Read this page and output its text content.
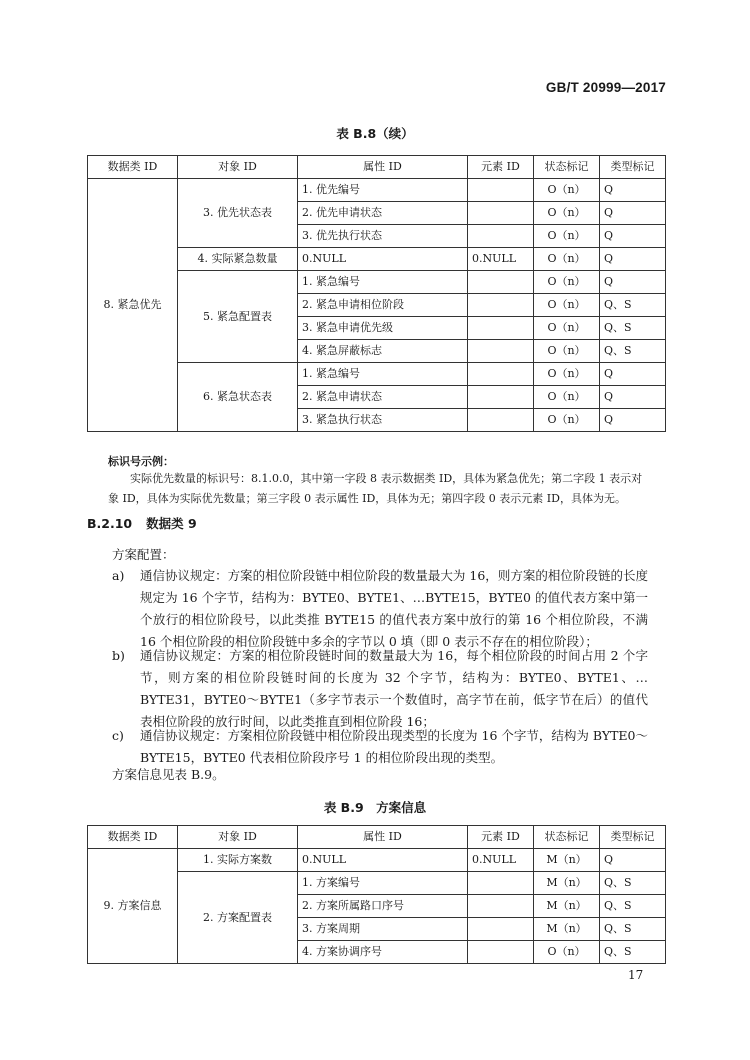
GB/T 20999—2017
表 B.8（续）
数据类 ID	对象 ID	属性 ID	元素 ID	状态标记	类型标记
8. 紧急优先	3. 优先状态表	1. 优先编号		O（n）	Q
		2. 优先申请状态		O（n）	Q
		3. 优先执行状态		O（n）	Q
	4. 实际紧急数量	0.NULL	0.NULL	O（n）	Q
	5. 紧急配置表	1. 紧急编号		O（n）	Q
		2. 紧急申请相位阶段		O（n）	Q、S
		3. 紧急申请优先级		O（n）	Q、S
		4. 紧急屏蔽标志		O（n）	Q、S
	6. 紧急状态表	1. 紧急编号		O（n）	Q
		2. 紧急申请状态		O（n）	Q
		3. 紧急执行状态		O（n）	Q
标识号示例：
实际优先数量的标识号：8.1.0.0，其中第一字段 8 表示数据类 ID，具体为紧急优先；第二字段 1 表示对象 ID，具体为实际优先数量；第三字段 0 表示属性 ID，具体为无；第四字段 0 表示元素 ID，具体为无。
B.2.10 数据类 9
方案配置：
a) 通信协议规定：方案的相位阶段链中相位阶段的数量最大为 16，则方案的相位阶段链的长度规定为 16 个字节，结构为：BYTE0、BYTE1、…BYTE15，BYTE0 的值代表方案中第一个放行的相位阶段号，以此类推 BYTE15 的值代表方案中放行的第 16 个相位阶段，不满 16 个相位阶段的相位阶段链中多余的字节以 0 填（即 0 表示不存在的相位阶段）；
b) 通信协议规定：方案的相位阶段链时间的数量最大为 16，每个相位阶段的时间占用 2 个字节，则方案的相位阶段链时间的长度为 32 个字节，结构为：BYTE0、BYTE1、…BYTE31，BYTE0～BYTE1（多字节表示一个数值时，高字节在前，低字节在后）的值代表相位阶段的放行时间，以此类推直到相位阶段 16；
c) 通信协议规定：方案相位阶段链中相位阶段出现类型的长度为 16 个字节，结构为 BYTE0～BYTE15，BYTE0 代表相位阶段序号 1 的相位阶段出现的类型。
方案信息见表 B.9。
表 B.9　方案信息
数据类 ID	对象 ID	属性 ID	元素 ID	状态标记	类型标记
9. 方案信息	1. 实际方案数	0.NULL	0.NULL	M（n）	Q
	2. 方案配置表	1. 方案编号		M（n）	Q、S
		2. 方案所属路口序号		M（n）	Q、S
		3. 方案周期		M（n）	Q、S
		4. 方案协调序号		O（n）	Q、S
17
